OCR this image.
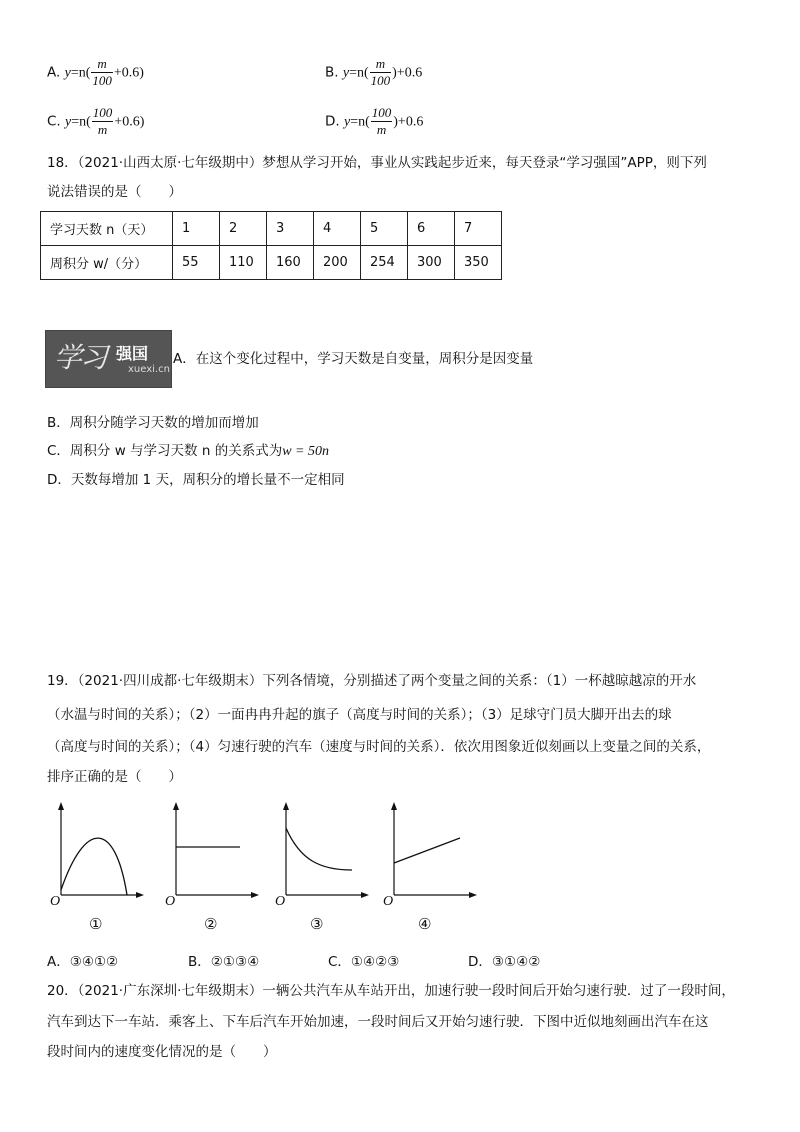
A. $y=n( \frac{m}{100} +0.6)$	B. $y=n( \frac{m}{100} )+0.6$
C. $y=n( \frac{100}{m} +0.6)$	D. $y=n( \frac{100}{m} )+0.6$
18．（2021·山西太原·七年级期中）梦想从学习开始，事业从实践起步近来，每天登录“学习强国”APP，则下列
说法错误的是（　　）
学习天数 n（天）	1	2	3	4	5	6	7
周积分 w/（分）	55	110	160	200	254	300	350
学习 强国
xuexi.cn
A．在这个变化过程中，学习天数是自变量，周积分是因变量
B．周积分随学习天数的增加而增加
C．周积分 w 与学习天数 n 的关系式为w = 50n
D．天数每增加 1 天，周积分的增长量不一定相同
19．（2021·四川成都·七年级期末）下列各情境，分别描述了两个变量之间的关系：（1）一杯越晾越凉的开水
（水温与时间的关系）；（2）一面冉冉升起的旗子（高度与时间的关系）；（3）足球守门员大脚开出去的球
（高度与时间的关系）；（4）匀速行驶的汽车（速度与时间的关系）．依次用图象近似刻画以上变量之间的关系，
排序正确的是（　　）
O	O	O	O
①	②	③	④
A．③④①②	B．②①③④	C．①④②③	D．③①④②
20．（2021·广东深圳·七年级期末）一辆公共汽车从车站开出，加速行驶一段时间后开始匀速行驶．过了一段时间，
汽车到达下一车站．乘客上、下车后汽车开始加速，一段时间后又开始匀速行驶．下图中近似地刻画出汽车在这
段时间内的速度变化情况的是（　　）
